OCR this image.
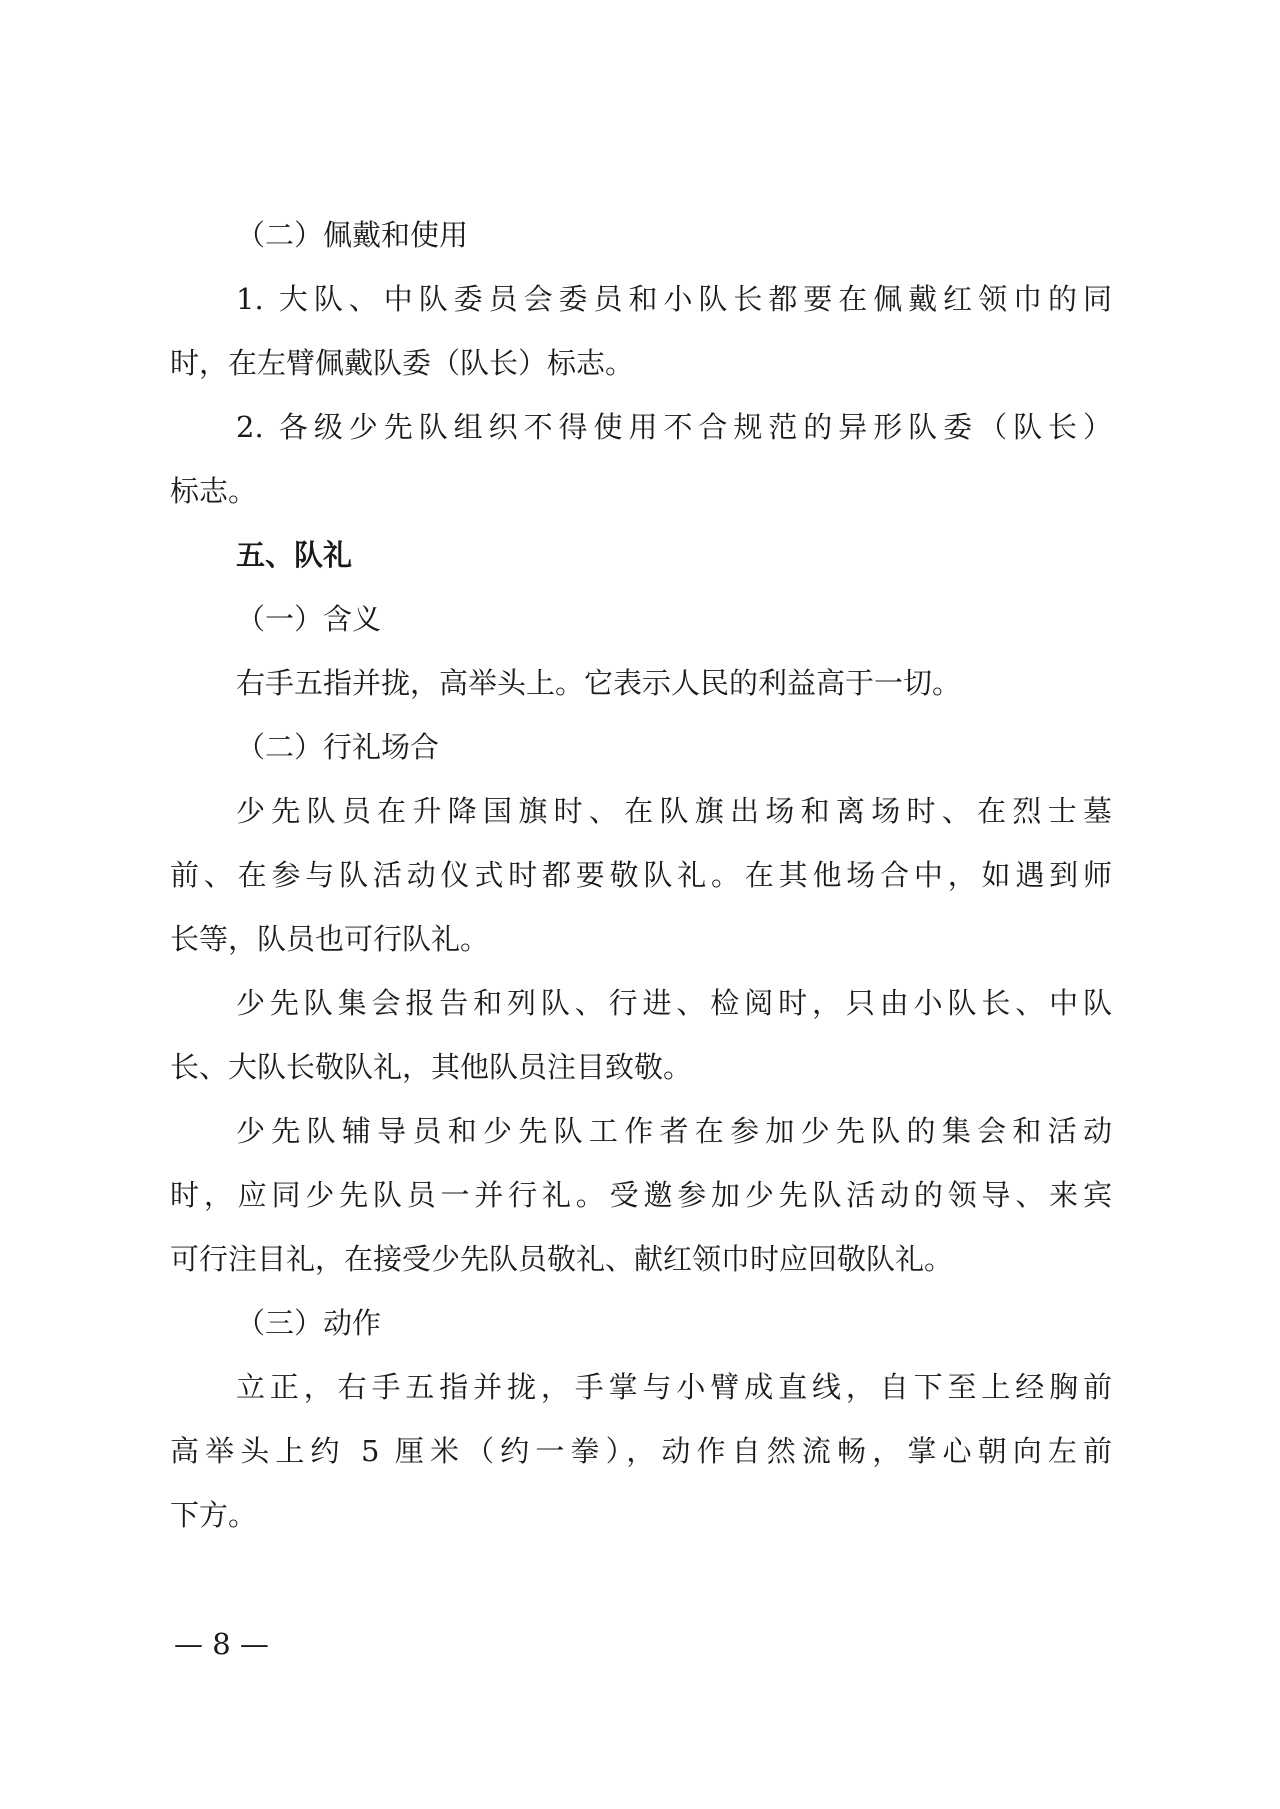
（二）佩戴和使用
1. 大队、中队委员会委员和小队长都要在佩戴红领巾的同
时，在左臂佩戴队委（队长）标志。
2. 各级少先队组织不得使用不合规范的异形队委（队长）
标志。
五、队礼
（一）含义
右手五指并拢，高举头上。它表示人民的利益高于一切。
（二）行礼场合
少先队员在升降国旗时、在队旗出场和离场时、在烈士墓
前、在参与队活动仪式时都要敬队礼。在其他场合中，如遇到师
长等，队员也可行队礼。
少先队集会报告和列队、行进、检阅时，只由小队长、中队
长、大队长敬队礼，其他队员注目致敬。
少先队辅导员和少先队工作者在参加少先队的集会和活动
时，应同少先队员一并行礼。受邀参加少先队活动的领导、来宾
可行注目礼，在接受少先队员敬礼、献红领巾时应回敬队礼。
（三）动作
立正，右手五指并拢，手掌与小臂成直线，自下至上经胸前
高举头上约 5 厘米（约一拳），动作自然流畅，掌心朝向左前
下方。
— 8 —
